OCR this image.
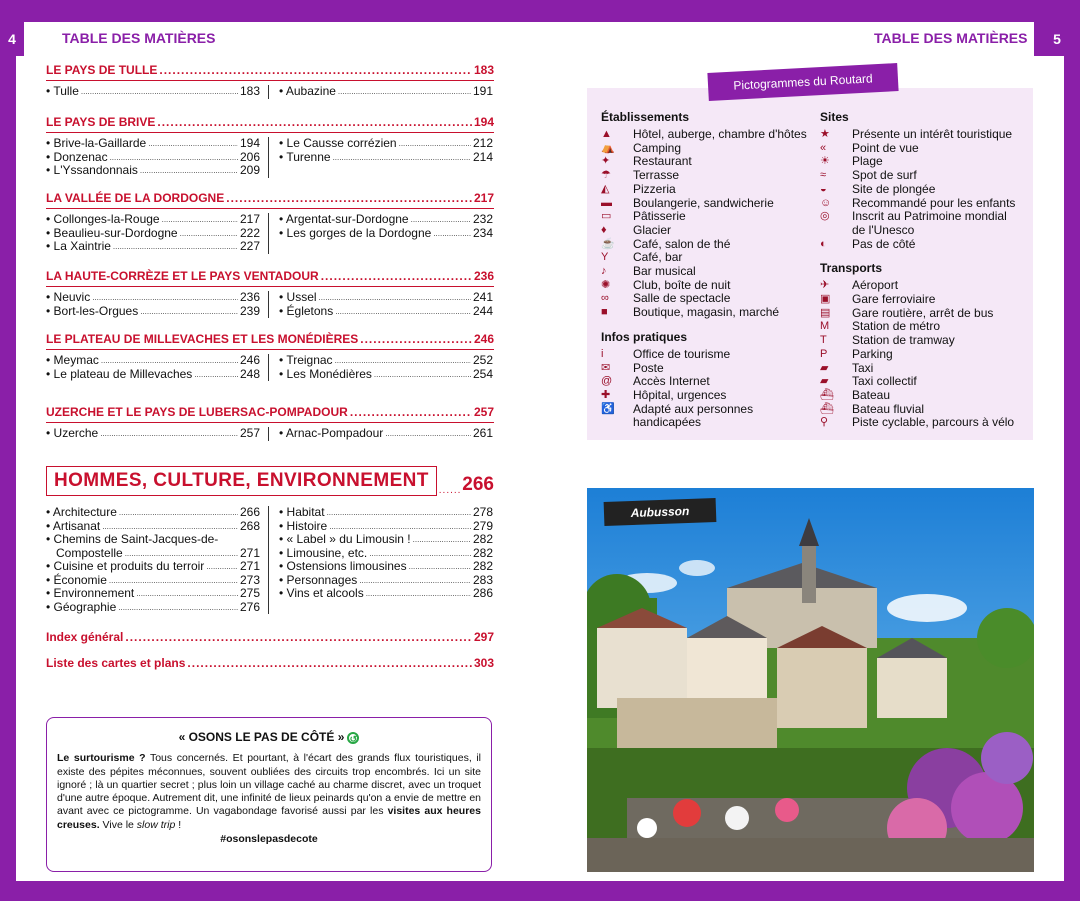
4	5
TABLE DES MATIÈRES	TABLE DES MATIÈRES
LE PAYS DE TULLE .....	183
• Tulle .....	183 • Aubazine .....	191
LE PAYS DE BRIVE .....	194
• Brive-la-Gaillarde .....	194
• Donzenac .....	206
• L'Yssandonnais .....	209
• Le Causse corrézien .....	212
• Turenne .....	214
LA VALLÉE DE LA DORDOGNE .....	217
• Collonges-la-Rouge .....	217
• Beaulieu-sur-Dordogne .....	222
• La Xaintrie .....	227
• Argentat-sur-Dordogne .....	232
• Les gorges de la Dordogne .....	234
LA HAUTE-CORRÈZE ET LE PAYS VENTADOUR .....	236
• Neuvic .....	236
• Bort-les-Orgues .....	239
• Ussel .....	241
• Égletons .....	244
LE PLATEAU DE MILLEVACHES ET LES MONÉDIÈRES .....	246
• Meymac .....	246
• Le plateau de Millevaches .....	248
• Treignac .....	252
• Les Monédières .....	254
UZERCHE ET LE PAYS DE LUBERSAC-POMPADOUR .....	257
• Uzerche .....	257 • Arnac-Pompadour .....	261
HOMMES, CULTURE, ENVIRONNEMENT .....	266
• Architecture .....	266
• Artisanat .....	268
• Chemins de Saint-Jacques-de-
Compostelle .....	271
• Cuisine et produits du terroir .....	271
• Économie .....	273
• Environnement .....	275
• Géographie .....	276
• Habitat .....	278
• Histoire .....	279
• « Label » du Limousin ! .....	282
• Limousine, etc. .....	282
• Ostensions limousines .....	282
• Personnages .....	283
• Vins et alcools .....	286
Index général .....	297
Liste des cartes et plans .....	303
« OSONS LE PAS DE CÔTÉ » ↺
Le surtourisme ? Tous concernés. Et pourtant, à l'écart des grands flux touristiques, il existe des pépites méconnues, souvent oubliées des circuits trop encombrés. Ici un site ignoré ; là un quartier secret ; plus loin un village caché au charme discret, avec un troquet d'une autre époque. Autrement dit, une infinité de lieux peinards qu'on a envie de mettre en avant avec ce pictogramme. Un vagabondage favorisé aussi par les visites aux heures creuses. Vive le slow trip !
#osonslepasdecote
Pictogrammes du Routard
Établissements
▲	Hôtel, auberge, chambre d'hôtes
⛺	Camping
✦	Restaurant
☂	Terrasse
◭	Pizzeria
▬	Boulangerie, sandwicherie
▭	Pâtisserie
♦	Glacier
☕	Café, salon de thé
Y	Café, bar
♪	Bar musical
✺	Club, boîte de nuit
∞	Salle de spectacle
■	Boutique, magasin, marché
Infos pratiques
i	Office de tourisme
✉	Poste
@	Accès Internet
✚	Hôpital, urgences
♿	Adapté aux personnes
handicapées
Sites
★	Présente un intérêt touristique
«	Point de vue
☀	Plage
≈	Spot de surf
◒	Site de plongée
☺	Recommandé pour les enfants
◎	Inscrit au Patrimoine mondial
de l'Unesco
◐	Pas de côté
Transports
✈	Aéroport
▣	Gare ferroviaire
▤	Gare routière, arrêt de bus
M	Station de métro
T	Station de tramway
P	Parking
▰	Taxi
▰	Taxi collectif
⛴	Bateau
⛴	Bateau fluvial
⚲	Piste cyclable, parcours à vélo
Aubusson
Adobe Stock/Sandrine
